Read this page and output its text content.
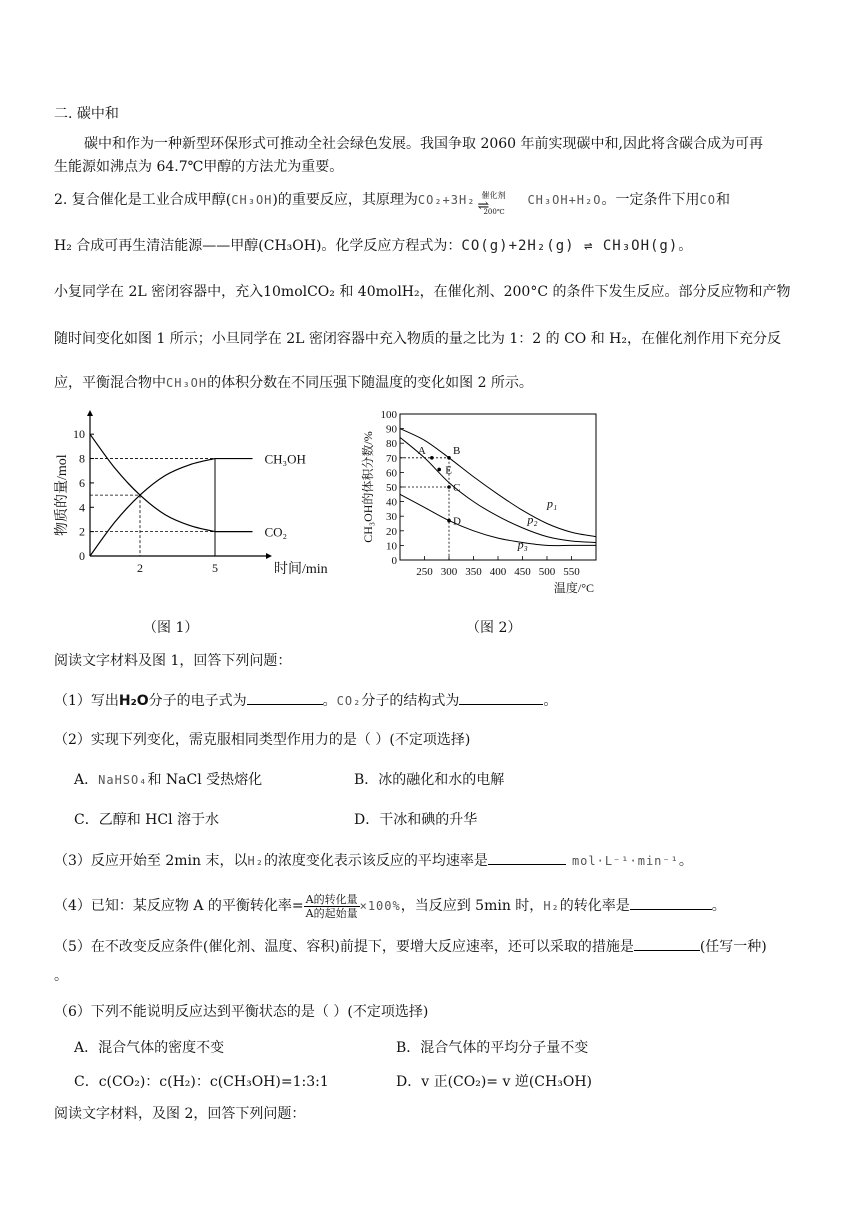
二. 碳中和
碳中和作为一种新型环保形式可推动全社会绿色发展。我国争取 2060 年前实现碳中和,因此将含碳合成为可再
生能源如沸点为 64.7℃甲醇的方法尤为重要。
2. 复合催化是工业合成甲醇(CH₃OH)的重要反应，其原理为CO₂+3H₂ 催化剂
⇌
200℃
CH₃OH+H₂O。一定条件下用CO和
H₂ 合成可再生清洁能源——甲醇(CH₃OH)。化学反应方程式为：CO(g)+2H₂(g) ⇌ CH₃OH(g)。
小复同学在 2L 密闭容器中，充入10molCO₂ 和 40molH₂，在催化剂、200°C 的条件下发生反应。部分反应物和产物
随时间变化如图 1 所示；小旦同学在 2L 密闭容器中充入物质的量之比为 1：2 的 CO 和 H₂，在催化剂作用下充分反
应，平衡混合物中CH₃OH的体积分数在不同压强下随温度的变化如图 2 所示。
0
2
4
6
8
10
2	5
CH₃OH
CO₂
时间/min
物质的量/mol
0
10
20
30
40
50
60
70
80
90
100
250 300 350 400 450 500 550
p₁
p₂
p₃
A B
E
C
D
温度/°C
CH₃OH的体积分数/%
（图 1）	（图 2）
阅读文字材料及图 1，回答下列问题：
（1）写出H₂O分子的电子式为	。CO₂分子的结构式为	。
（2）实现下列变化，需克服相同类型作用力的是（ ）(不定项选择)
A．NaHSO₄和 NaCl 受热熔化	B．冰的融化和水的电解
C．乙醇和 HCl 溶于水	D．干冰和碘的升华
（3）反应开始至 2min 末，以H₂的浓度变化表示该反应的平均速率是	mol·L⁻¹·min⁻¹。
（4）已知：某反应物 A 的平衡转化率= $\frac{\text{A的转化量}}{\text{A的起始量}} \times 100\%$，当反应到 5min 时，H₂的转化率是	。
（5）在不改变反应条件(催化剂、温度、容积)前提下，要增大反应速率，还可以采取的措施是	(任写一种)
。
（6）下列不能说明反应达到平衡状态的是（ ）(不定项选择)
A．混合气体的密度不变	B．混合气体的平均分子量不变
C．c(CO₂)：c(H₂)：c(CH₃OH)=1:3:1	D．v 正(CO₂)= v 逆(CH₃OH)
阅读文字材料，及图 2，回答下列问题：
